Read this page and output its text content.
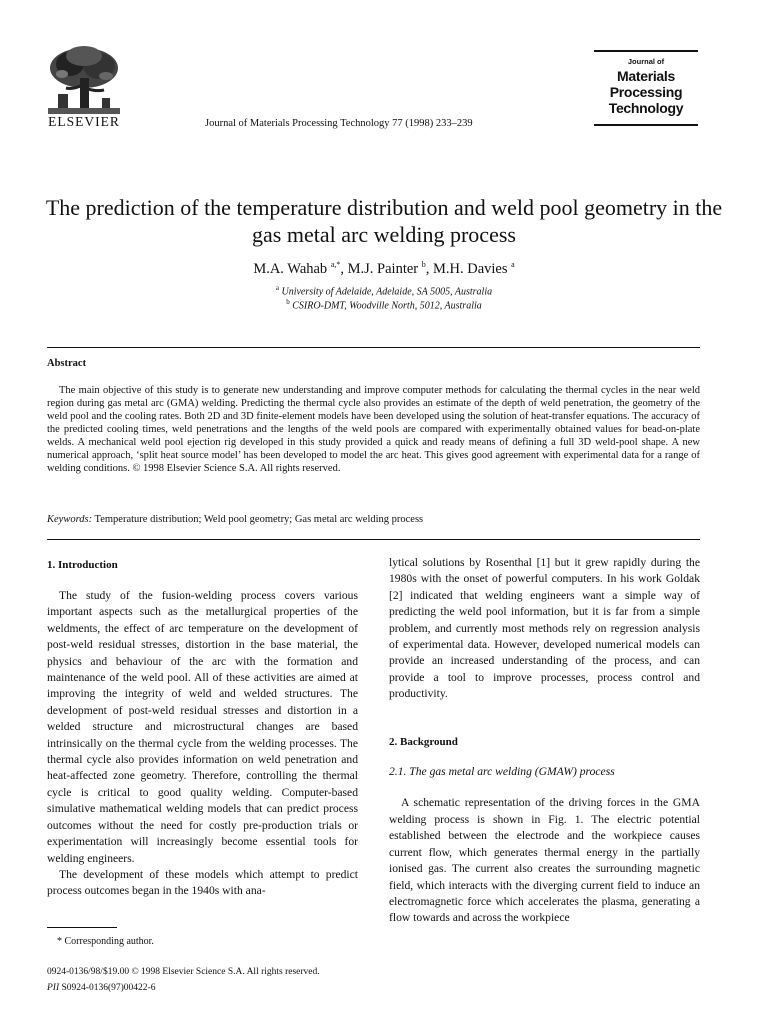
ELSEVIER	Journal of Materials Processing Technology 77 (1998) 233–239
Journal of
Materials
Processing
Technology
The prediction of the temperature distribution and weld pool geometry in the gas metal arc welding process
M.A. Wahab $^{a,*}$, M.J. Painter $^b$, M.H. Davies $^a$
$^a$ University of Adelaide, Adelaide, SA 5005, Australia
$^b$ CSIRO-DMT, Woodville North, 5012, Australia
Abstract
The main objective of this study is to generate new understanding and improve computer methods for calculating the thermal cycles in the near weld region during gas metal arc (GMA) welding. Predicting the thermal cycle also provides an estimate of the depth of weld penetration, the geometry of the weld pool and the cooling rates. Both 2D and 3D finite-element models have been developed using the solution of heat-transfer equations. The accuracy of the predicted cooling times, weld penetrations and the lengths of the weld pools are compared with experimentally obtained values for bead-on-plate welds. A mechanical weld pool ejection rig developed in this study provided a quick and ready means of defining a full 3D weld-pool shape. A new numerical approach, ‘split heat source model’ has been developed to model the arc heat. This gives good agreement with experimental data for a range of welding conditions. © 1998 Elsevier Science S.A. All rights reserved.
Keywords: Temperature distribution; Weld pool geometry; Gas metal arc welding process
1. Introduction

The study of the fusion-welding process covers various important aspects such as the metallurgical properties of the weldments, the effect of arc temperature on the development of post-weld residual stresses, distortion in the base material, the physics and behaviour of the arc with the formation and maintenance of the weld pool. All of these activities are aimed at improving the integrity of weld and welded structures. The development of post-weld residual stresses and distortion in a welded structure and microstructural changes are based intrinsically on the thermal cycle from the welding processes. The thermal cycle also provides information on weld penetration and heat-affected zone geometry. Therefore, controlling the thermal cycle is critical to good quality welding. Computer-based simulative mathematical welding models that can predict process outcomes without the need for costly pre-production trials or experimentation will increasingly become essential tools for welding engineers.

The development of these models which attempt to predict process outcomes began in the 1940s with ana-

lytical solutions by Rosenthal [1] but it grew rapidly during the 1980s with the onset of powerful computers. In his work Goldak [2] indicated that welding engineers want a simple way of predicting the weld pool information, but it is far from a simple problem, and currently most methods rely on regression analysis of experimental data. However, developed numerical models can provide an increased understanding of the process, and can provide a tool to improve processes, process control and productivity.

2. Background
2.1. The gas metal arc welding (GMAW) process

A schematic representation of the driving forces in the GMA welding process is shown in Fig. 1. The electric potential established between the electrode and the workpiece causes current flow, which generates thermal energy in the partially ionised gas. The current also creates the surrounding magnetic field, which interacts with the diverging current field to induce an electromagnetic force which accelerates the plasma, generating a flow towards and across the workpiece

* Corresponding author.
0924-0136/98/$19.00 © 1998 Elsevier Science S.A. All rights reserved.
PII S0924-0136(97)00422-6
